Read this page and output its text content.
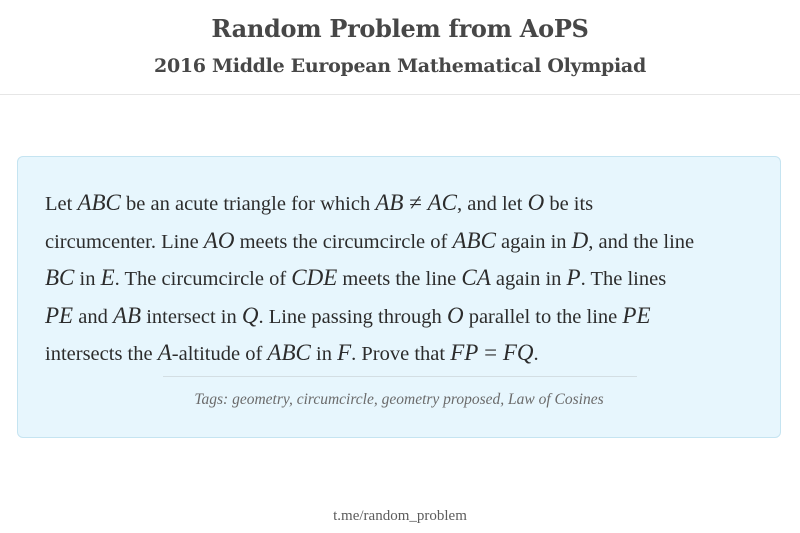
Random Problem from AoPS
2016 Middle European Mathematical Olympiad

Let ABC be an acute triangle for which AB ≠ AC, and let O be its
circumcenter. Line AO meets the circumcircle of ABC again in D, and the line
BC in E. The circumcircle of CDE meets the line CA again in P. The lines
PE and AB intersect in Q. Line passing through O parallel to the line PE
intersects the A-altitude of ABC in F. Prove that FP = FQ.

Tags: geometry, circumcircle, geometry proposed, Law of Cosines
t.me/random_problem
